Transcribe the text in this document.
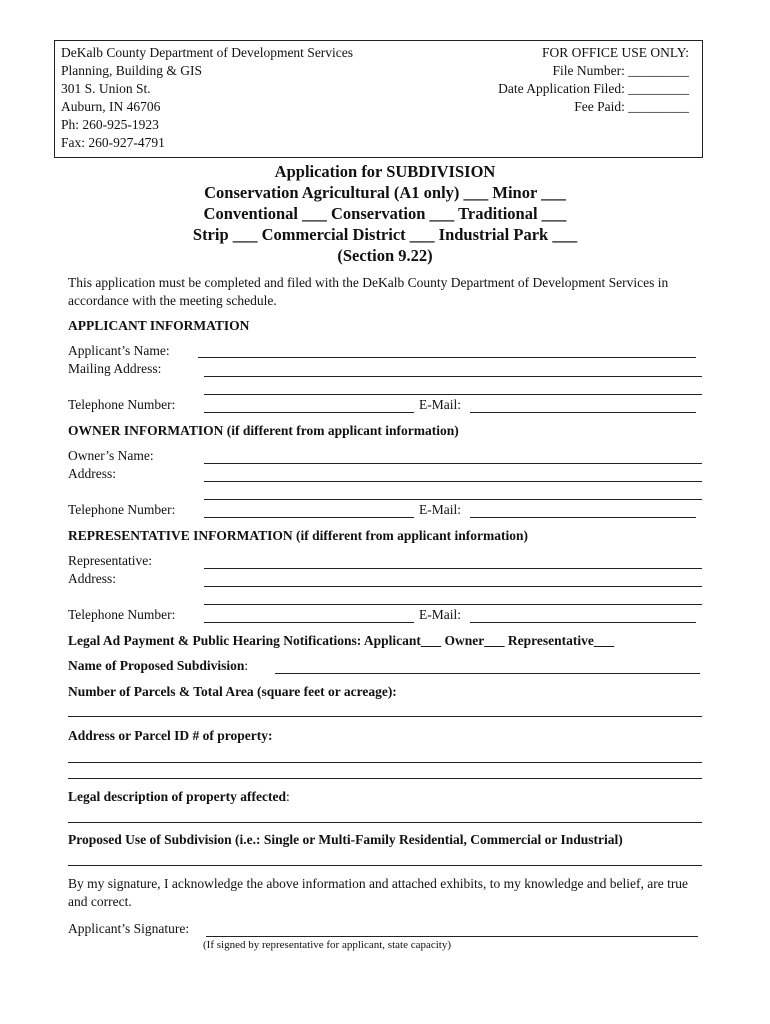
DeKalb County Department of Development Services
Planning, Building & GIS
301 S. Union St.
Auburn, IN 46706
Ph: 260-925-1923
Fax: 260-927-4791
FOR OFFICE USE ONLY:
File Number: _________
Date Application Filed: _________
Fee Paid: _________
Application for SUBDIVISION
Conservation Agricultural (A1 only) ___ Minor ___
Conventional ___ Conservation ___ Traditional ___
Strip ___ Commercial District ___ Industrial Park ___
(Section 9.22)
This application must be completed and filed with the DeKalb County Department of Development Services in accordance with the meeting schedule.
APPLICANT INFORMATION
Applicant’s Name:
Mailing Address:
Telephone Number:	E-Mail:
OWNER INFORMATION (if different from applicant information)
Owner’s Name:
Address:
Telephone Number:	E-Mail:
REPRESENTATIVE INFORMATION (if different from applicant information)
Representative:
Address:
Telephone Number:	E-Mail:
Legal Ad Payment & Public Hearing Notifications: Applicant___ Owner___ Representative___
Name of Proposed Subdivision:
Number of Parcels & Total Area (square feet or acreage):
Address or Parcel ID # of property:
Legal description of property affected:
Proposed Use of Subdivision (i.e.: Single or Multi-Family Residential, Commercial or Industrial)
By my signature, I acknowledge the above information and attached exhibits, to my knowledge and belief, are true and correct.
Applicant’s Signature:
(If signed by representative for applicant, state capacity)
